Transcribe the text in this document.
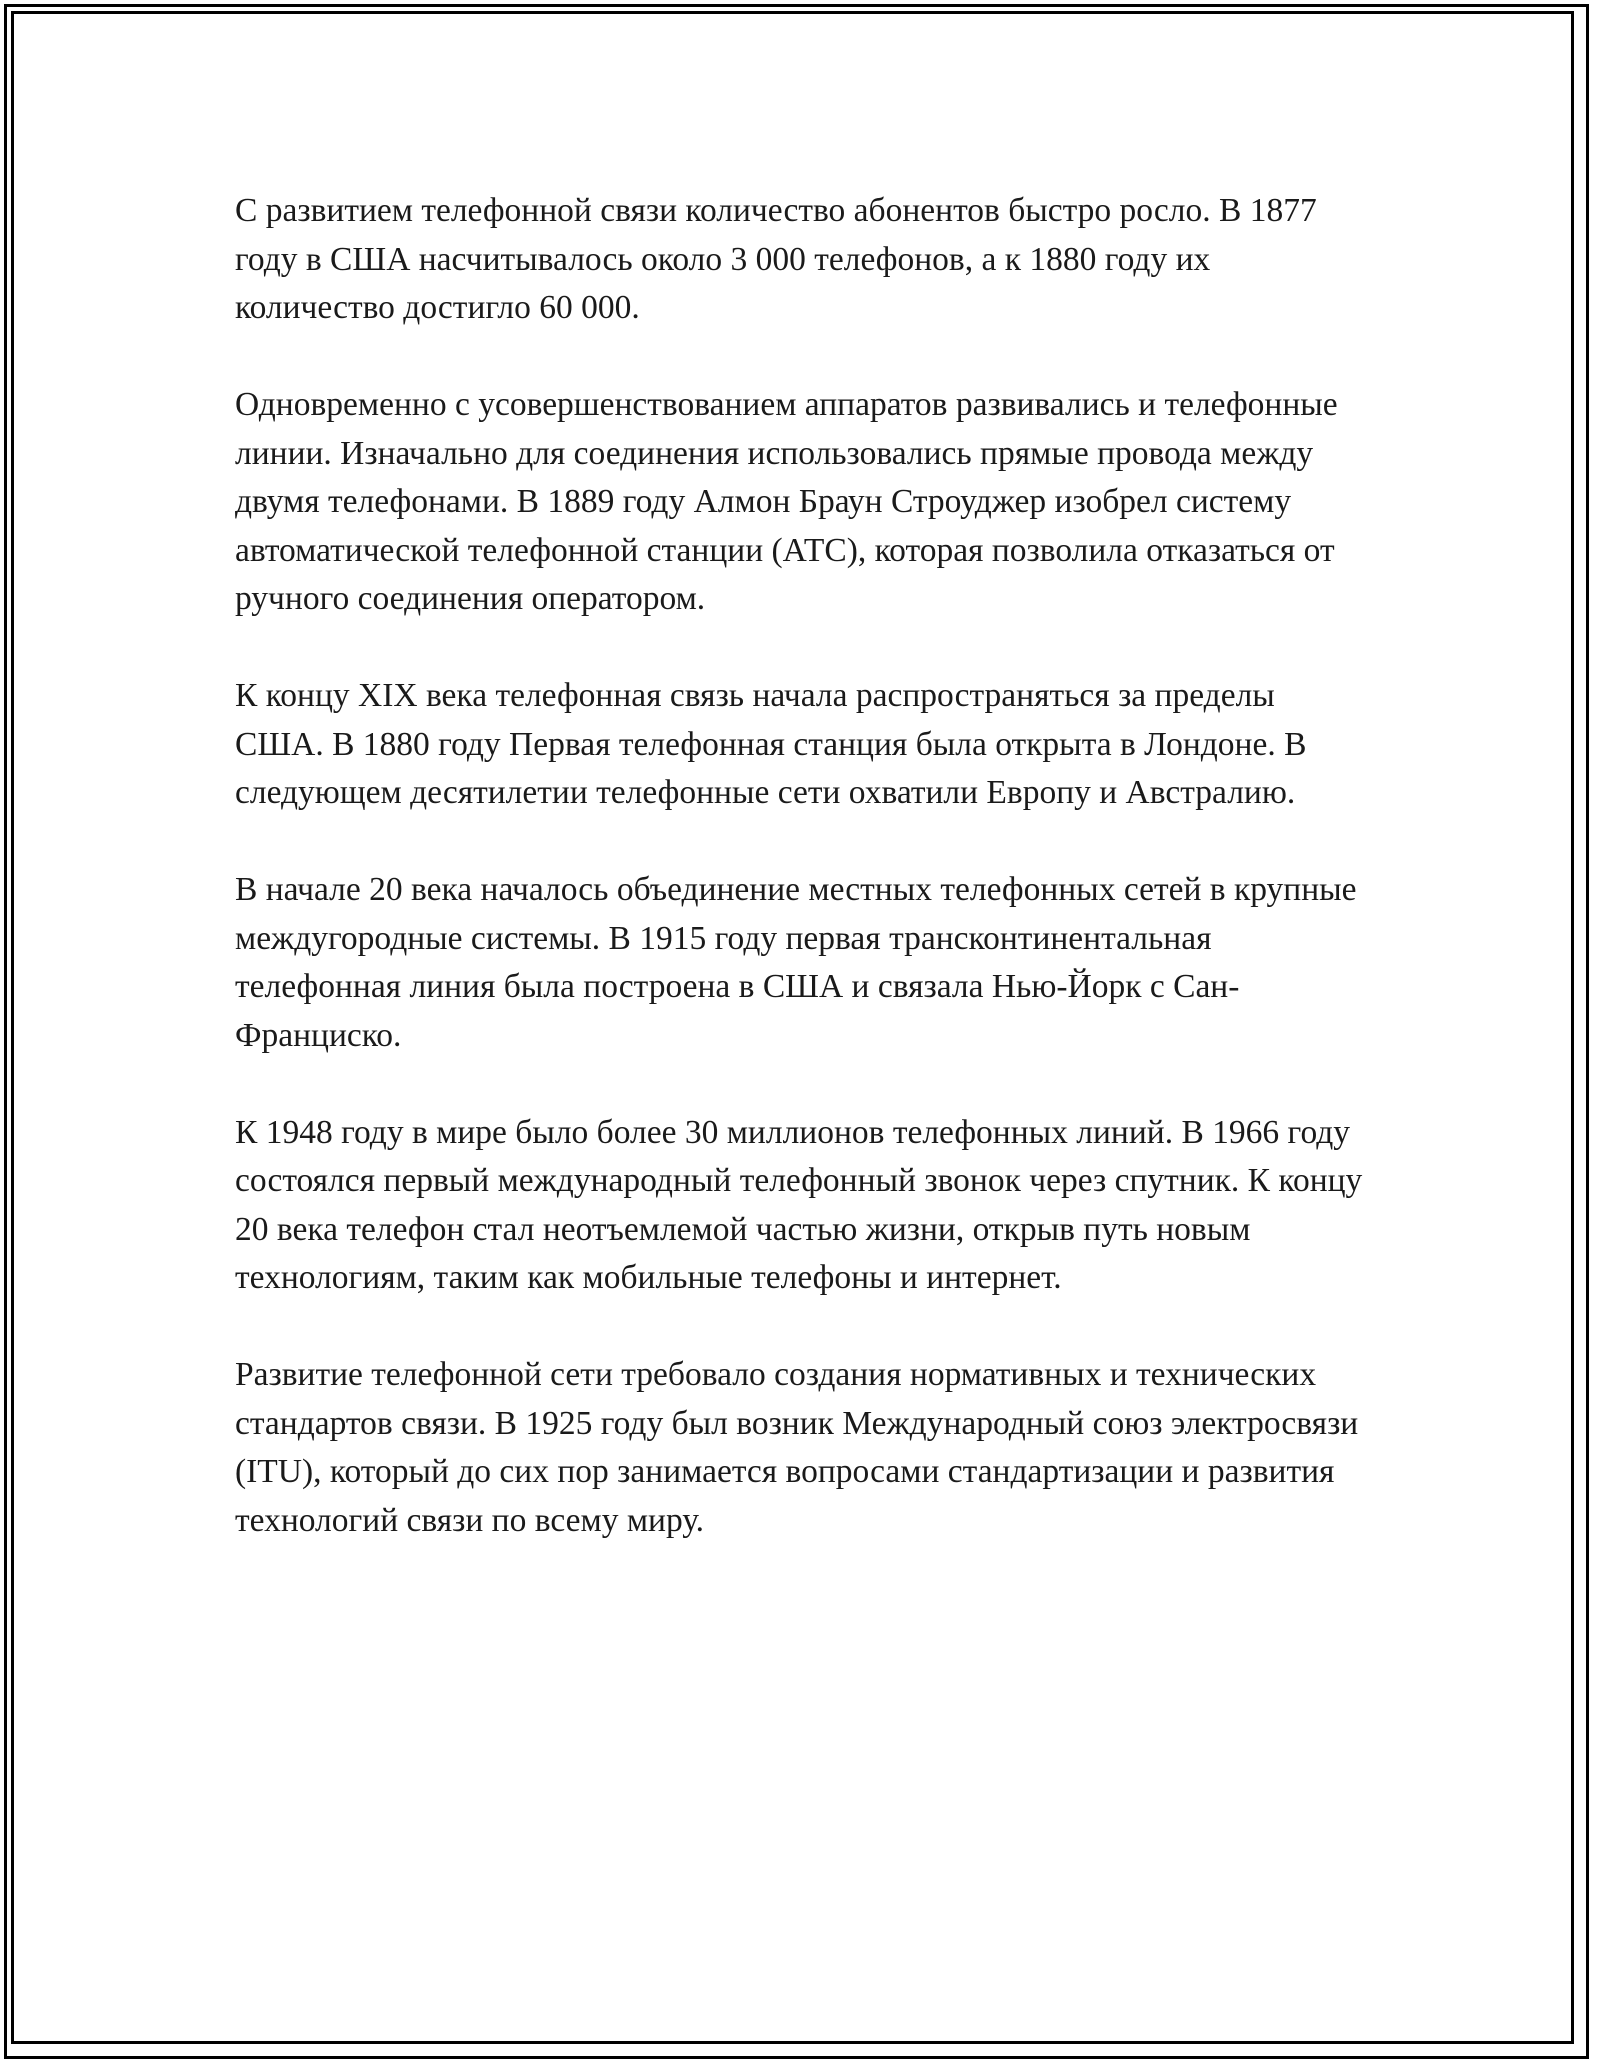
С развитием телефонной связи количество абонентов быстро росло. В 1877 году в США насчитывалось около 3 000 телефонов, а к 1880 году их количество достигло 60 000.

Одновременно с усовершенствованием аппаратов развивались и телефонные линии. Изначально для соединения использовались прямые провода между двумя телефонами. В 1889 году Алмон Браун Строуджер изобрел систему автоматической телефонной станции (АТС), которая позволила отказаться от ручного соединения оператором.

К концу XIX века телефонная связь начала распространяться за пределы США. В 1880 году Первая телефонная станция была открыта в Лондоне. В следующем десятилетии телефонные сети охватили Европу и Австралию.

В начале 20 века началось объединение местных телефонных сетей в крупные междугородные системы. В 1915 году первая трансконтинентальная телефонная линия была построена в США и связала Нью-Йорк с Сан-Франциско.

К 1948 году в мире было более 30 миллионов телефонных линий. В 1966 году состоялся первый международный телефонный звонок через спутник. К концу 20 века телефон стал неотъемлемой частью жизни, открыв путь новым технологиям, таким как мобильные телефоны и интернет.

Развитие телефонной сети требовало создания нормативных и технических стандартов связи. В 1925 году был возник Международный союз электросвязи (ITU), который до сих пор занимается вопросами стандартизации и развития технологий связи по всему миру.
